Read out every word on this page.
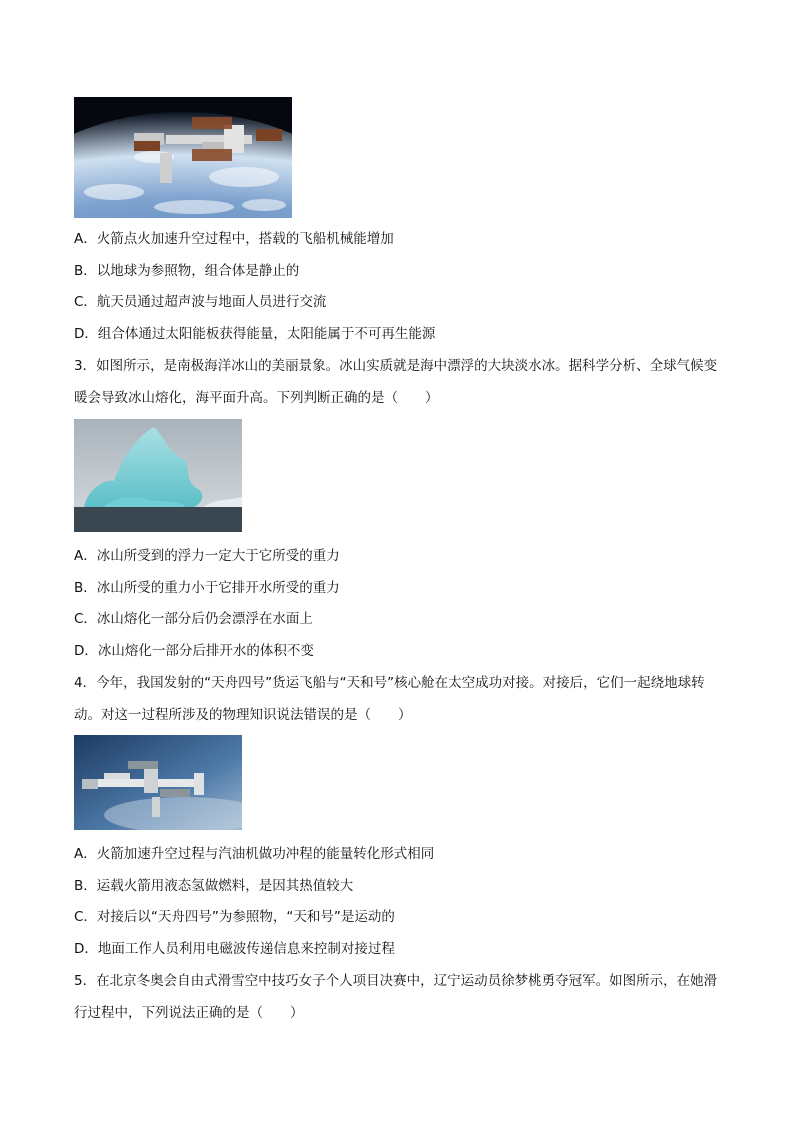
A．火箭点火加速升空过程中，搭载的飞船机械能增加
B．以地球为参照物，组合体是静止的
C．航天员通过超声波与地面人员进行交流
D．组合体通过太阳能板获得能量，太阳能属于不可再生能源
3．如图所示，是南极海洋冰山的美丽景象。冰山实质就是海中漂浮的大块淡水冰。据科学分析、全球气候变暖会导致冰山熔化，海平面升高。下列判断正确的是（　　）
A．冰山所受到的浮力一定大于它所受的重力
B．冰山所受的重力小于它排开水所受的重力
C．冰山熔化一部分后仍会漂浮在水面上
D．冰山熔化一部分后排开水的体积不变
4．今年，我国发射的“天舟四号”货运飞船与“天和号”核心舱在太空成功对接。对接后，它们一起绕地球转动。对这一过程所涉及的物理知识说法错误的是（　　）
A．火箭加速升空过程与汽油机做功冲程的能量转化形式相同
B．运载火箭用液态氢做燃料，是因其热值较大
C．对接后以“天舟四号”为参照物，“天和号”是运动的
D．地面工作人员利用电磁波传递信息来控制对接过程
5．在北京冬奥会自由式滑雪空中技巧女子个人项目决赛中，辽宁运动员徐梦桃勇夺冠军。如图所示，在她滑行过程中，下列说法正确的是（　　）
